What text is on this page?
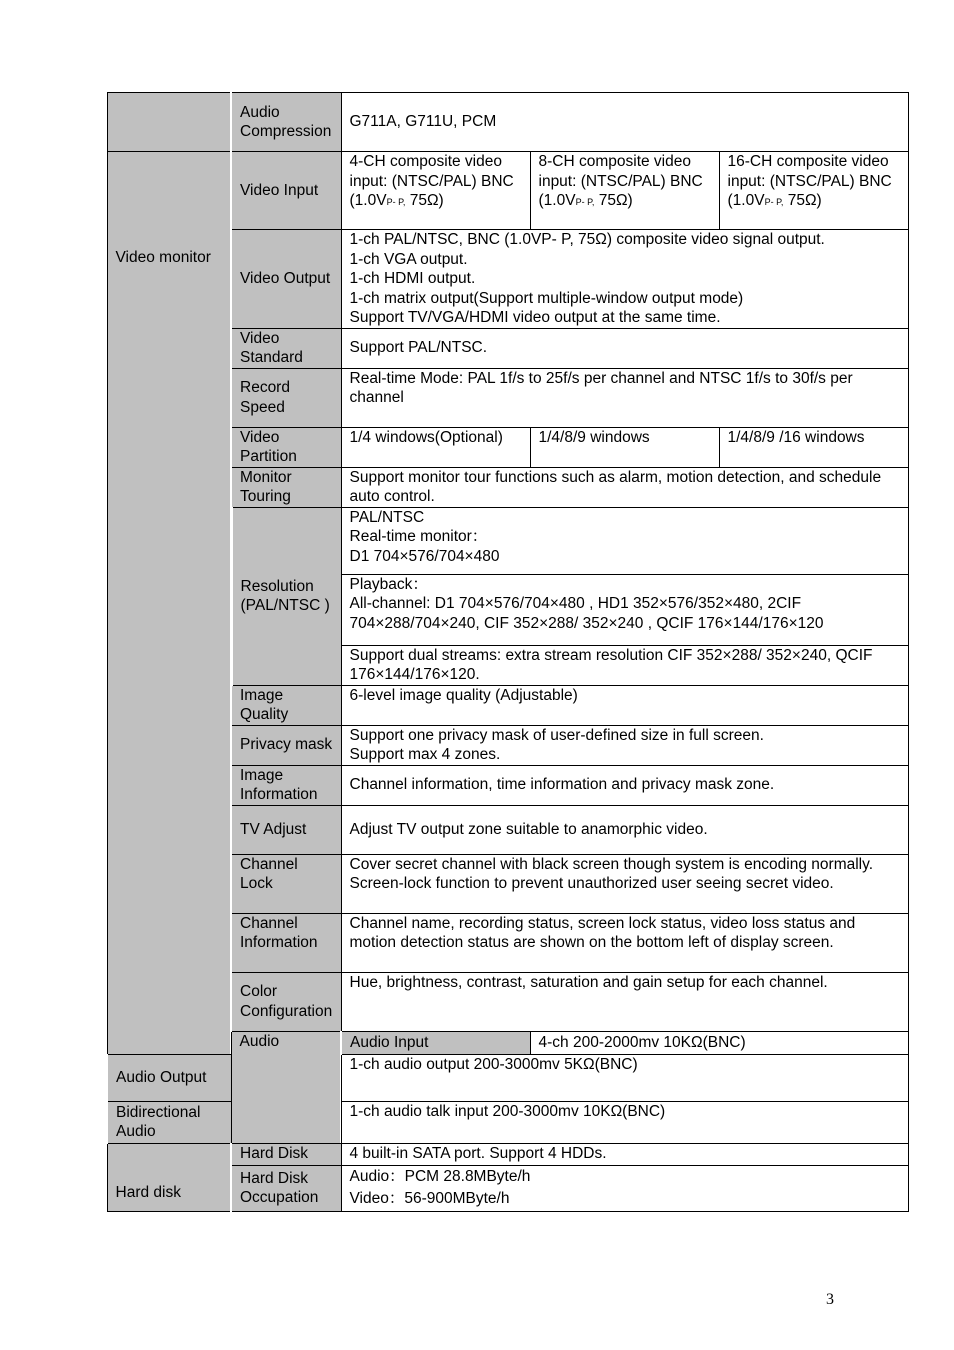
	Audio Compression	G711A, G711U, PCM		
Video monitor	Video Input	4-CH composite video input: (NTSC/PAL) BNC (1.0VP- P, 75Ω)	8-CH composite video input: (NTSC/PAL) BNC (1.0VP- P, 75Ω)	16-CH composite video input: (NTSC/PAL) BNC (1.0VP- P, 75Ω)
	Video Output	1-ch PAL/NTSC, BNC (1.0VP- P, 75Ω) composite video signal output.
1-ch VGA output.
1-ch HDMI output.
1-ch matrix output(Support multiple-window output mode)
Support TV/VGA/HDMI video output at the same time.		

	Video Standard	Support PAL/NTSC.		
	Record Speed	Real-time Mode: PAL 1f/s to 25f/s per channel and NTSC 1f/s to 30f/s per channel		
	Video Partition	1/4 windows(Optional)	1/4/8/9 windows	1/4/8/9 /16 windows
	Monitor Touring	Support monitor tour functions such as alarm, motion detection, and schedule auto control.		
	Resolution (PAL/NTSC )	PAL/NTSC
Real-time monitor：
D1 704×576/704×480		

		Playback：
All-channel: D1 704×576/704×480 , HD1 352×576/352×480, 2CIF 704×288/704×240, CIF 352×288/ 352×240 , QCIF 176×144/176×120		

		Support dual streams: extra stream resolution CIF 352×288/ 352×240, QCIF 176×144/176×120.		
	Image Quality	6-level image quality (Adjustable)		
	Privacy mask	Support one privacy mask of user-defined size in full screen.
Support max 4 zones.		

	Image Information	Channel information, time information and privacy mask zone.		
	TV Adjust	Adjust TV output zone suitable to anamorphic video.		
	Channel Lock	Cover secret channel with black screen though system is encoding normally.
Screen-lock function to prevent unauthorized user seeing secret video.		

	Channel Information	Channel name, recording status, screen lock status, video loss status and motion detection status are shown on the bottom left of display screen.		
	Color Configuration	Hue, brightness, contrast, saturation and gain setup for each channel.		
	Audio	Audio Input	4-ch 200-2000mv 10KΩ(BNC)	
Audio Output		1-ch audio output 200-3000mv 5KΩ(BNC)		
Bidirectional Audio		1-ch audio talk input 200-3000mv 10KΩ(BNC)		
Hard disk	Hard Disk	4 built-in SATA port. Support 4 HDDs.		
	Hard Disk Occupation	Audio：PCM 28.8MByte/h
Video：56-900MByte/h		
3
